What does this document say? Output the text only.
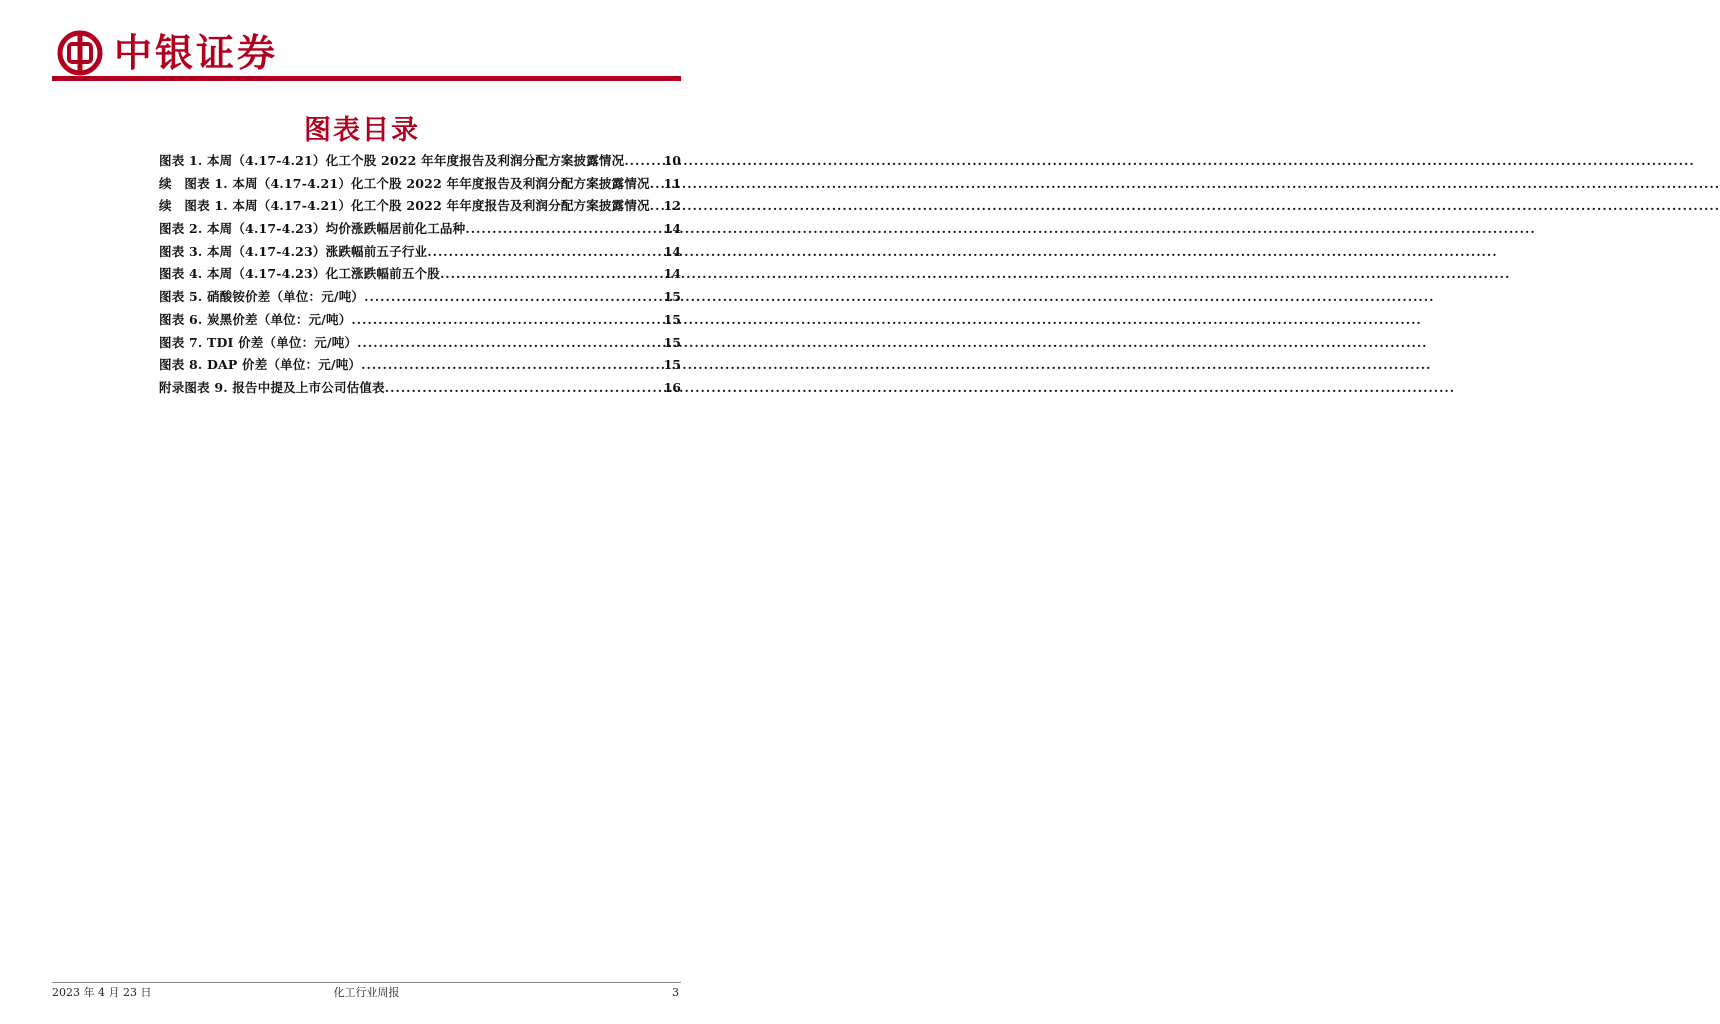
中银证券
图表目录
图表 1. 本周（4.17-4.21）化工个股 2022 年年度报告及利润分配方案披露情况 .....	10
续　图表 1. 本周（4.17-4.21）化工个股 2022 年年度报告及利润分配方案披露情况 ..... 11
续　图表 1. 本周（4.17-4.21）化工个股 2022 年年度报告及利润分配方案披露情况 ..... 12
图表 2. 本周（4.17-4.23）均价涨跌幅居前化工品种 .....	14
图表 3. 本周（4.17-4.23）涨跌幅前五子行业 .....	14
图表 4. 本周（4.17-4.23）化工涨跌幅前五个股 .....	14
图表 5. 硝酸铵价差（单位：元/吨） .....	15
图表 6. 炭黑价差（单位：元/吨） .....	15
图表 7. TDI 价差（单位：元/吨） .....	15
图表 8. DAP 价差（单位：元/吨） .....	15
附录图表 9. 报告中提及上市公司估值表 .....	16
2023 年 4 月 23 日	化工行业周报	3
